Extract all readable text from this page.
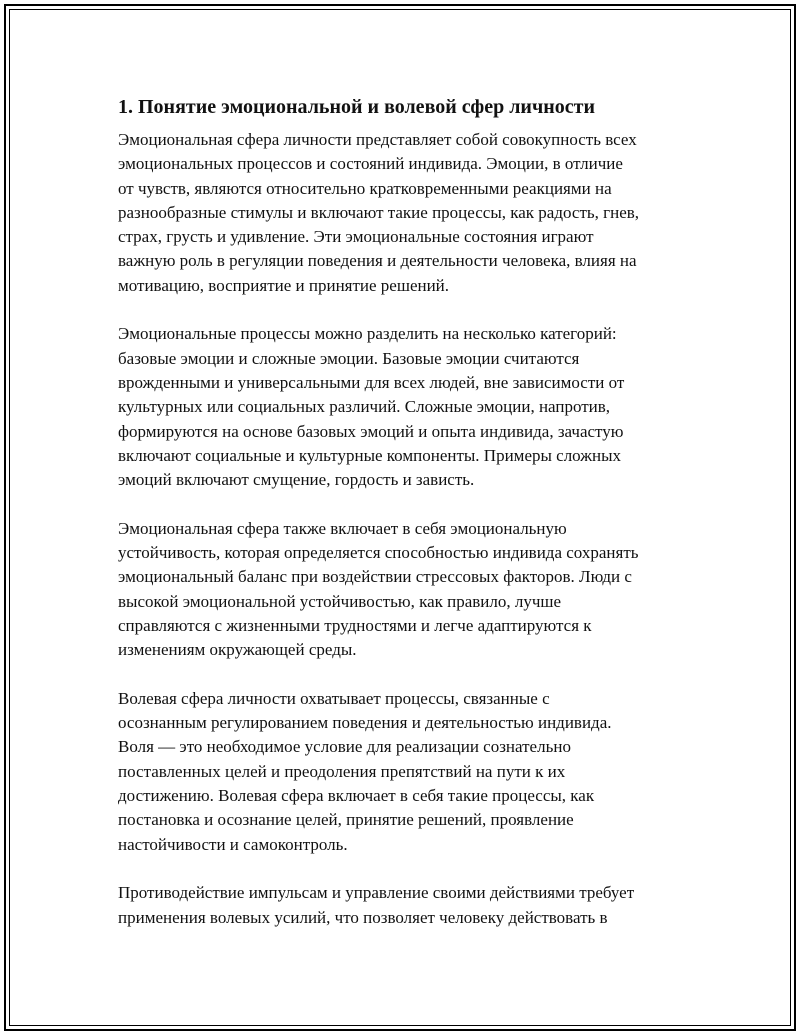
1. Понятие эмоциональной и волевой сфер личности

Эмоциональная сфера личности представляет собой совокупность всех
эмоциональных процессов и состояний индивида. Эмоции, в отличие
от чувств, являются относительно кратковременными реакциями на
разнообразные стимулы и включают такие процессы, как радость, гнев,
страх, грусть и удивление. Эти эмоциональные состояния играют
важную роль в регуляции поведения и деятельности человека, влияя на
мотивацию, восприятие и принятие решений.

Эмоциональные процессы можно разделить на несколько категорий:
базовые эмоции и сложные эмоции. Базовые эмоции считаются
врожденными и универсальными для всех людей, вне зависимости от
культурных или социальных различий. Сложные эмоции, напротив,
формируются на основе базовых эмоций и опыта индивида, зачастую
включают социальные и культурные компоненты. Примеры сложных
эмоций включают смущение, гордость и зависть.

Эмоциональная сфера также включает в себя эмоциональную
устойчивость, которая определяется способностью индивида сохранять
эмоциональный баланс при воздействии стрессовых факторов. Люди с
высокой эмоциональной устойчивостью, как правило, лучше
справляются с жизненными трудностями и легче адаптируются к
изменениям окружающей среды.

Волевая сфера личности охватывает процессы, связанные с
осознанным регулированием поведения и деятельностью индивида.
Воля — это необходимое условие для реализации сознательно
поставленных целей и преодоления препятствий на пути к их
достижению. Волевая сфера включает в себя такие процессы, как
постановка и осознание целей, принятие решений, проявление
настойчивости и самоконтроль.

Противодействие импульсам и управление своими действиями требует
применения волевых усилий, что позволяет человеку действовать в
